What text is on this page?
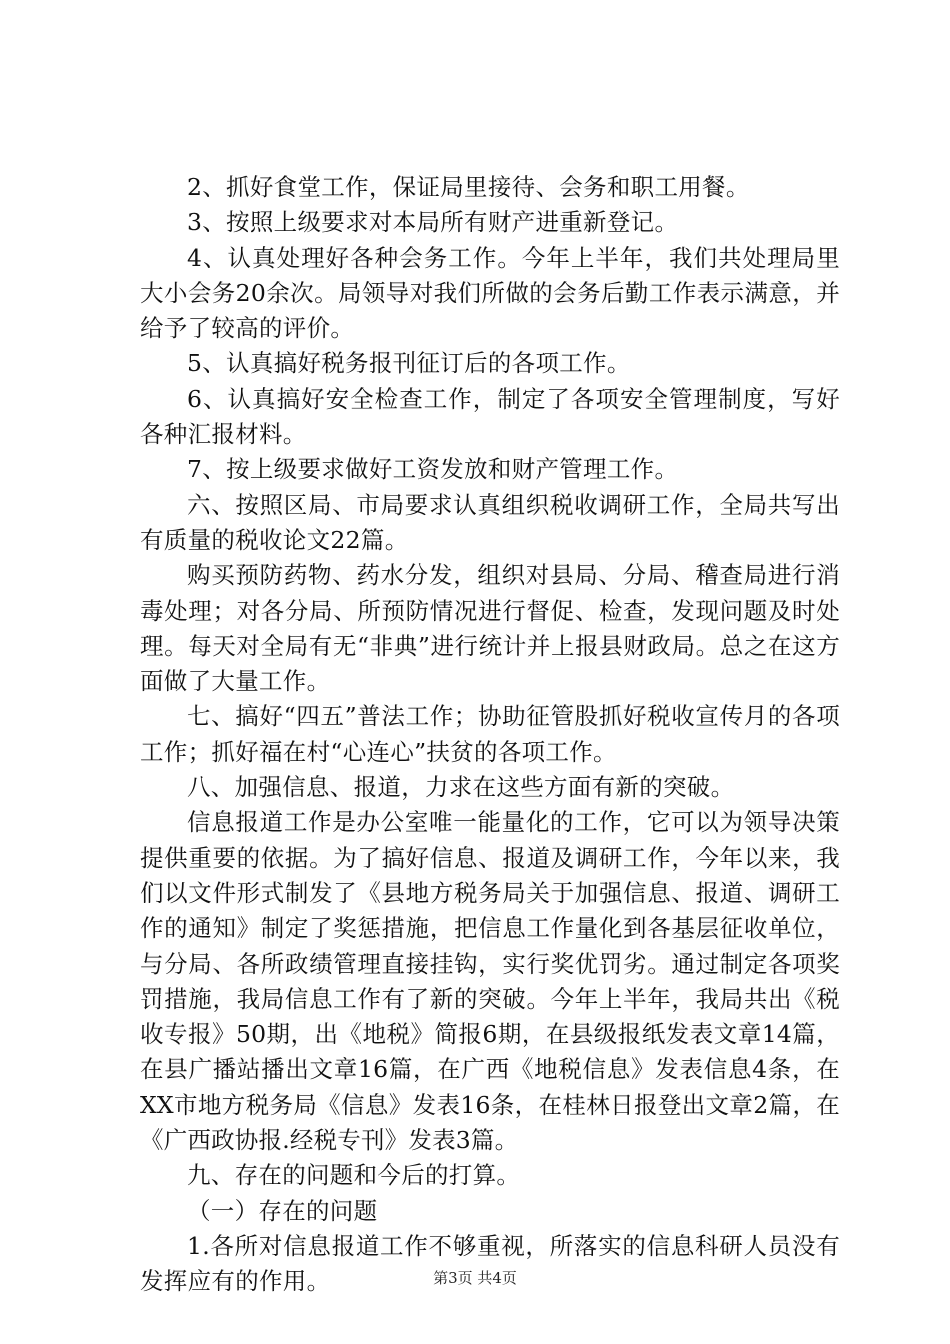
2、抓好食堂工作，保证局里接待、会务和职工用餐。

3、按照上级要求对本局所有财产进重新登记。

4、认真处理好各种会务工作。今年上半年，我们共处理局里大小会务20余次。局领导对我们所做的会务后勤工作表示满意，并给予了较高的评价。

5、认真搞好税务报刊征订后的各项工作。

6、认真搞好安全检查工作，制定了各项安全管理制度，写好各种汇报材料。

7、按上级要求做好工资发放和财产管理工作。

六、按照区局、市局要求认真组织税收调研工作，全局共写出有质量的税收论文22篇。

购买预防药物、药水分发，组织对县局、分局、稽查局进行消毒处理；对各分局、所预防情况进行督促、检查，发现问题及时处理。每天对全局有无“非典”进行统计并上报县财政局。总之在这方面做了大量工作。

七、搞好“四五”普法工作；协助征管股抓好税收宣传月的各项工作；抓好福在村“心连心”扶贫的各项工作。

八、加强信息、报道，力求在这些方面有新的突破。

信息报道工作是办公室唯一能量化的工作，它可以为领导决策提供重要的依据。为了搞好信息、报道及调研工作，今年以来，我们以文件形式制发了《县地方税务局关于加强信息、报道、调研工作的通知》制定了奖惩措施，把信息工作量化到各基层征收单位，与分局、各所政绩管理直接挂钩，实行奖优罚劣。通过制定各项奖罚措施，我局信息工作有了新的突破。今年上半年，我局共出《税收专报》50期，出《地税》简报6期，在县级报纸发表文章14篇，在县广播站播出文章16篇，在广西《地税信息》发表信息4条，在XX市地方税务局《信息》发表16条，在桂林日报登出文章2篇，在《广西政协报.经税专刊》发表3篇。

九、存在的问题和今后的打算。

（一）存在的问题

1.各所对信息报道工作不够重视，所落实的信息科研人员没有发挥应有的作用。	第3页 共4页
